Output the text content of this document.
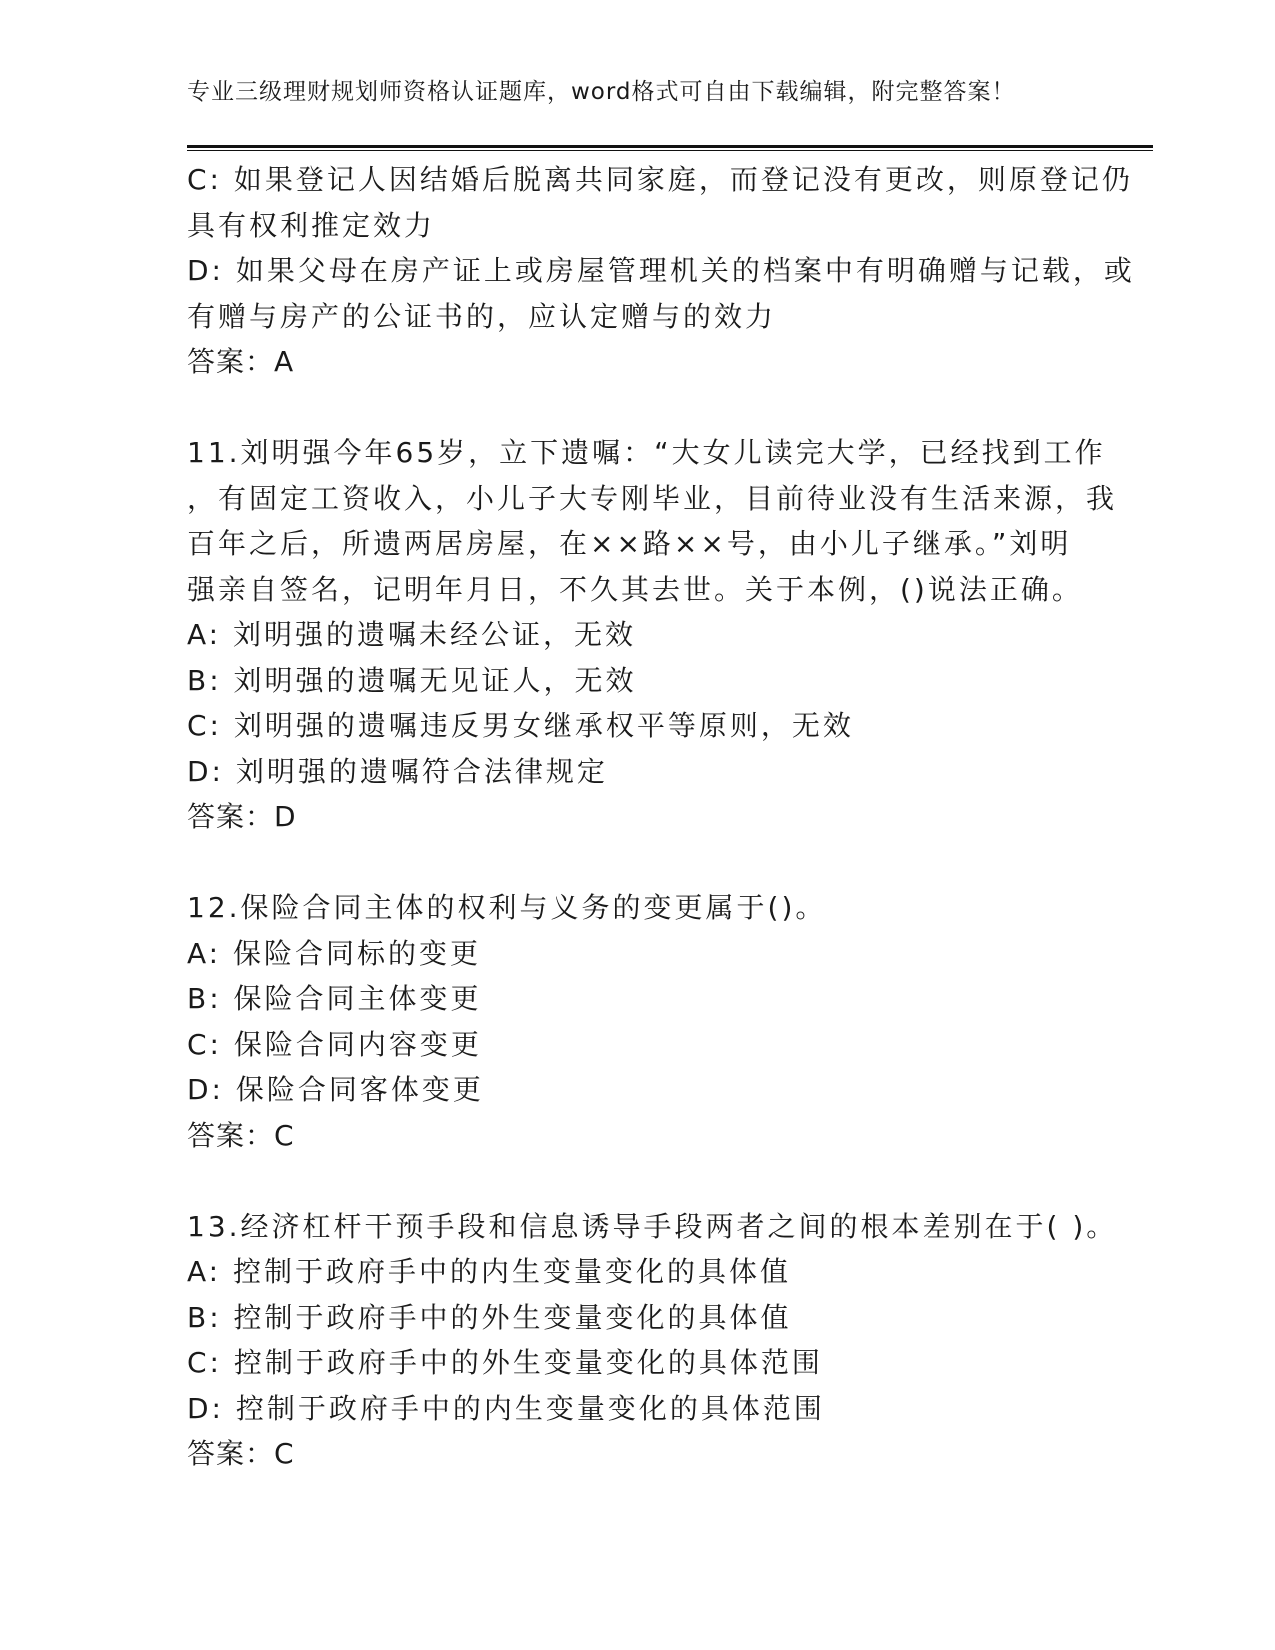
专业三级理财规划师资格认证题库，word格式可自由下载编辑，附完整答案！
C: 如果登记人因结婚后脱离共同家庭，而登记没有更改，则原登记仍
具有权利推定效力
D: 如果父母在房产证上或房屋管理机关的档案中有明确赠与记载，或
有赠与房产的公证书的，应认定赠与的效力
答案：A
11.刘明强今年65岁，立下遗嘱：“大女儿读完大学，已经找到工作
，有固定工资收入，小儿子大专刚毕业，目前待业没有生活来源，我
百年之后，所遗两居房屋，在××路××号，由小儿子继承。”刘明
强亲自签名，记明年月日，不久其去世。关于本例，()说法正确。
A: 刘明强的遗嘱未经公证，无效
B: 刘明强的遗嘱无见证人，无效
C: 刘明强的遗嘱违反男女继承权平等原则，无效
D: 刘明强的遗嘱符合法律规定
答案：D
12.保险合同主体的权利与义务的变更属于()。
A: 保险合同标的变更
B: 保险合同主体变更
C: 保险合同内容变更
D: 保险合同客体变更
答案：C
13.经济杠杆干预手段和信息诱导手段两者之间的根本差别在于( )。
A: 控制于政府手中的内生变量变化的具体值
B: 控制于政府手中的外生变量变化的具体值
C: 控制于政府手中的外生变量变化的具体范围
D: 控制于政府手中的内生变量变化的具体范围
答案：C
